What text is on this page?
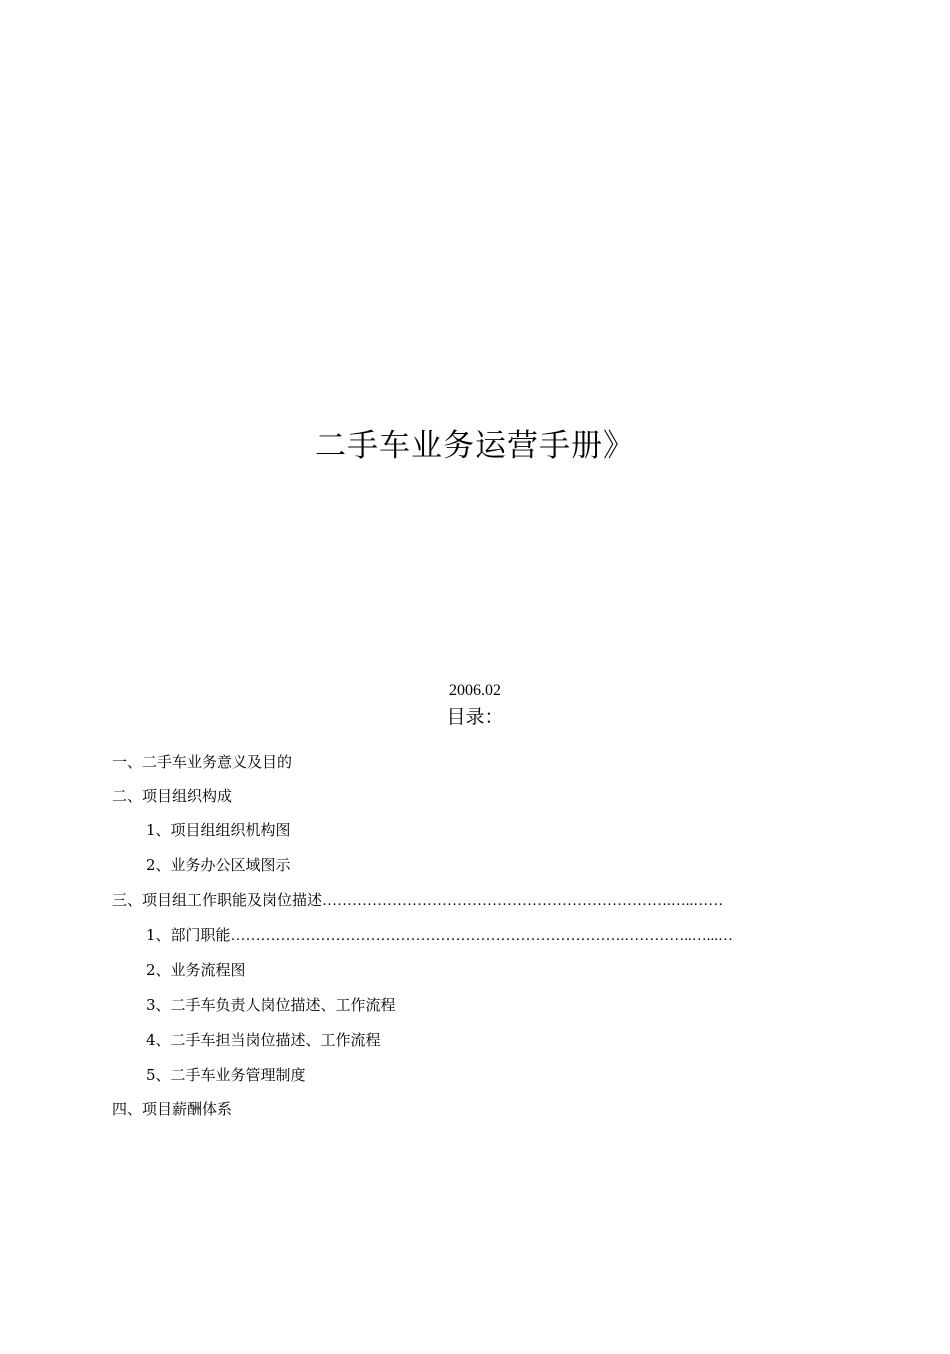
二手车业务运营手册》
2006.02
目录：
一、二手车业务意义及目的
二、项目组织构成
1、项目组组织机构图
2、业务办公区域图示
三、项目组工作职能及岗位描述…………………………………………………………….…..……
1、部门职能…………………………………………………………………….…………..…...…
2、业务流程图
3、二手车负责人岗位描述、工作流程
4、二手车担当岗位描述、工作流程
5、二手车业务管理制度
四、项目薪酬体系
